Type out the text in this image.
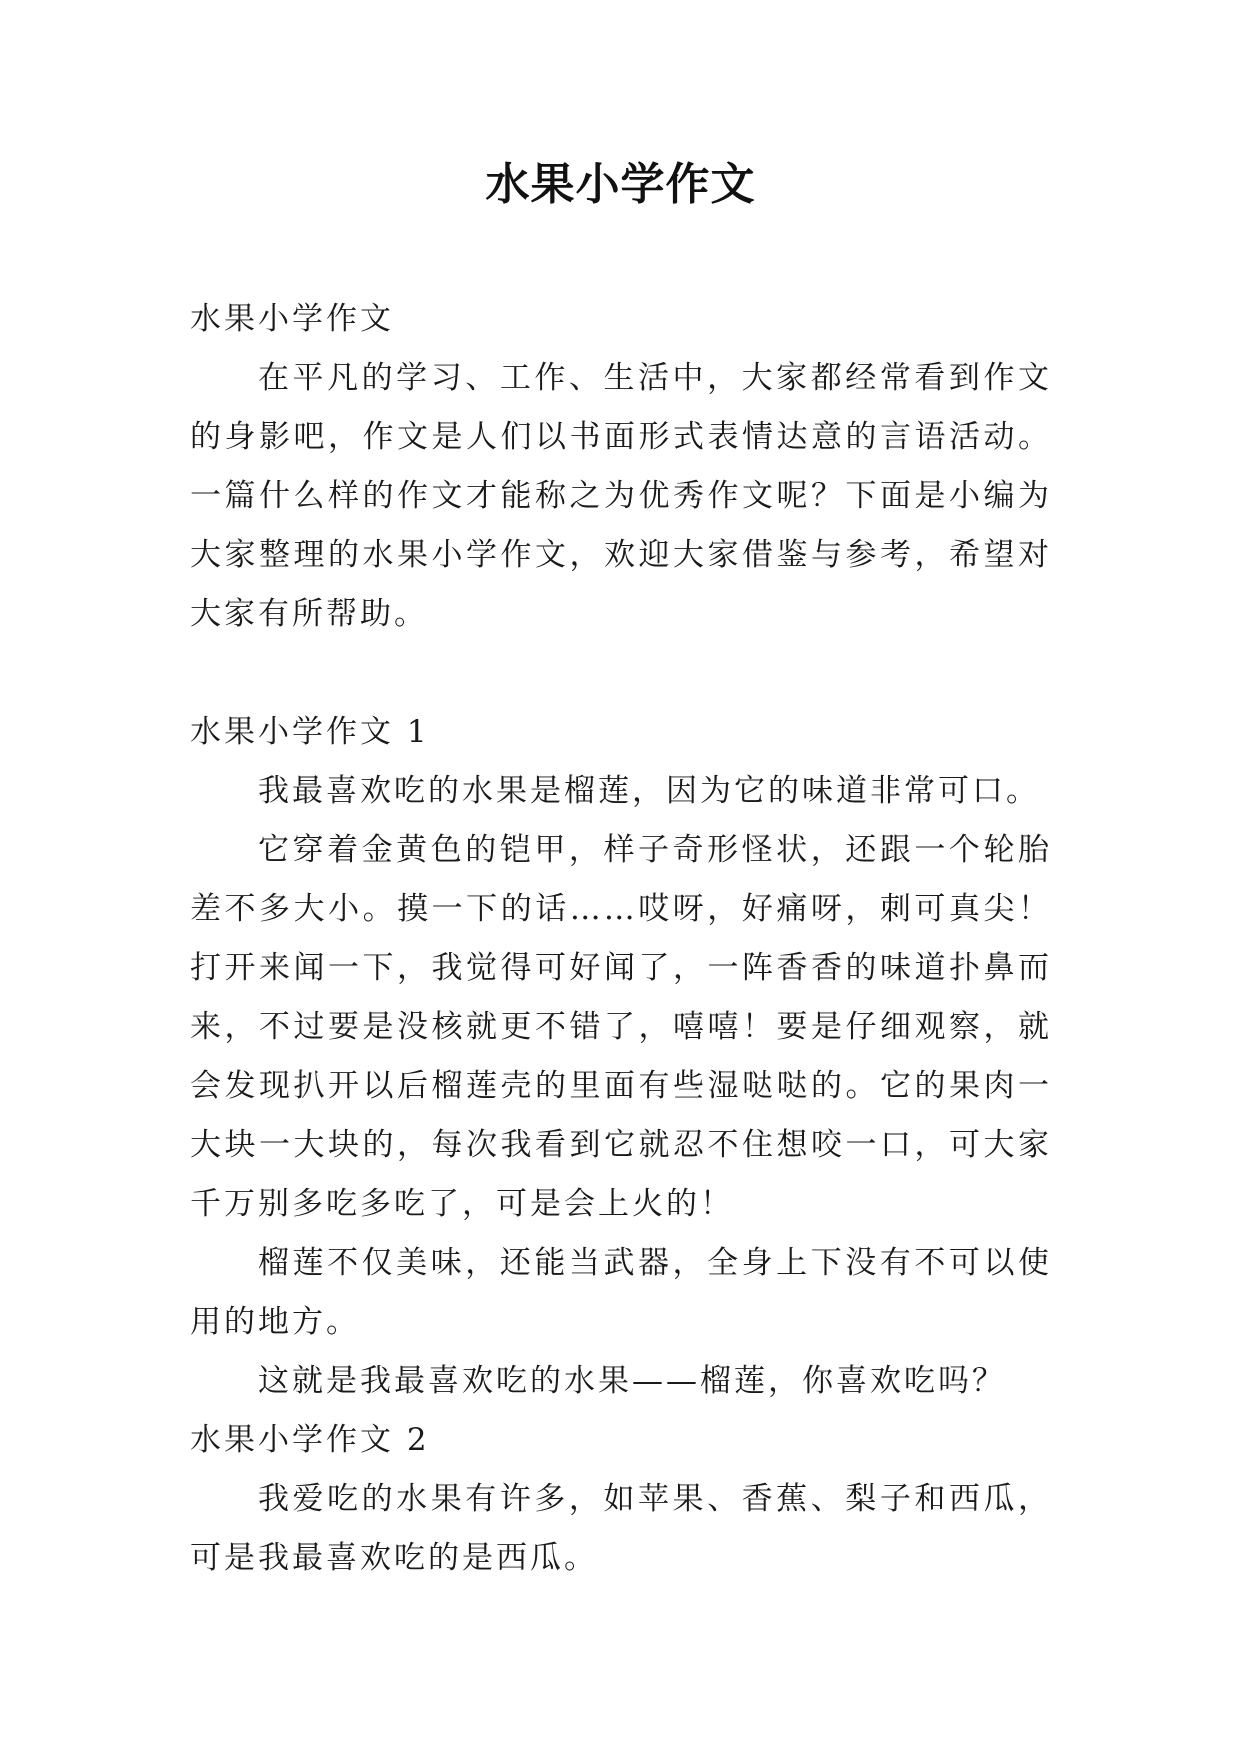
水果小学作文

水果小学作文

在平凡的学习、工作、生活中，大家都经常看到作文的身影吧，作文是人们以书面形式表情达意的言语活动。一篇什么样的作文才能称之为优秀作文呢？下面是小编为大家整理的水果小学作文，欢迎大家借鉴与参考，希望对大家有所帮助。

水果小学作文 1

我最喜欢吃的水果是榴莲，因为它的味道非常可口。

它穿着金黄色的铠甲，样子奇形怪状，还跟一个轮胎差不多大小。摸一下的话……哎呀，好痛呀，刺可真尖！打开来闻一下，我觉得可好闻了，一阵香香的味道扑鼻而来，不过要是没核就更不错了，嘻嘻！要是仔细观察，就会发现扒开以后榴莲壳的里面有些湿哒哒的。它的果肉一大块一大块的，每次我看到它就忍不住想咬一口，可大家千万别多吃多吃了，可是会上火的！

榴莲不仅美味，还能当武器，全身上下没有不可以使用的地方。

这就是我最喜欢吃的水果——榴莲，你喜欢吃吗？

水果小学作文 2

我爱吃的水果有许多，如苹果、香蕉、梨子和西瓜，可是我最喜欢吃的是西瓜。
